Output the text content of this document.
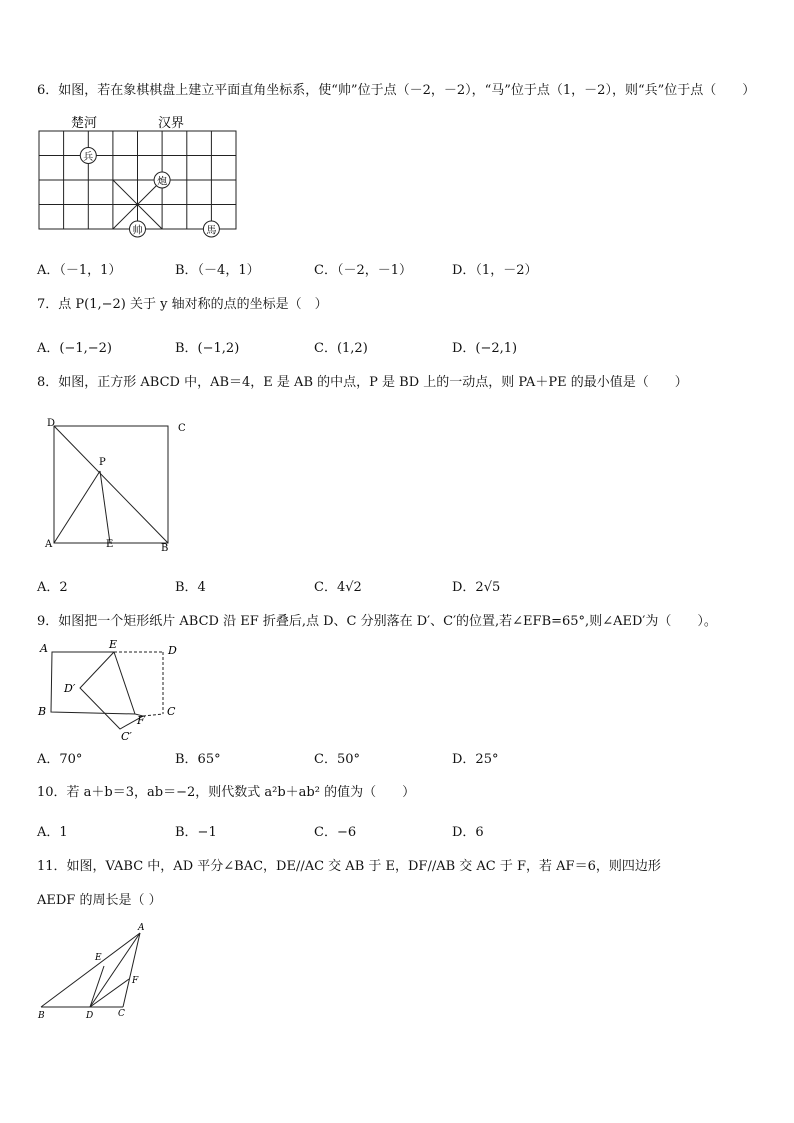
6．如图，若在象棋棋盘上建立平面直角坐标系，使“帅”位于点（－2，－2），“马”位于点（1，－2），则“兵”位于点（　　）
楚河	汉界
兵
炮
帅	馬
A．（－1，1）	B．（－4，1）	C．（－2，－1）	D．（1，－2）
7．点 P(1,−2) 关于 y 轴对称的点的坐标是（　）
A．(−1,−2)	B．(−1,2)	C．(1,2)	D．(−2,1)
8．如图，正方形 ABCD 中，AB＝4，E 是 AB 的中点，P 是 BD 上的一动点，则 PA＋PE 的最小值是（　　）
D	C
P
A	E	B
A．2	B．4	C．4√2	D．2√5
9．如图把一个矩形纸片 ABCD 沿 EF 折叠后,点 D、C 分别落在 D′、C′的位置,若∠EFB=65°,则∠AED′为（　　）。
A	E	D
D′
B
F
C
C′
A．70°	B．65°	C．50°	D．25°
10．若 a＋b＝3，ab＝−2，则代数式 a²b＋ab² 的值为（　　）
A．1	B．−1	C．−6	D．6
11．如图，VABC 中，AD 平分∠BAC，DE//AC 交 AB 于 E，DF//AB 交 AC 于 F，若 AF＝6，则四边形
AEDF 的周长是（ ）
A
E
F
B	D	C
